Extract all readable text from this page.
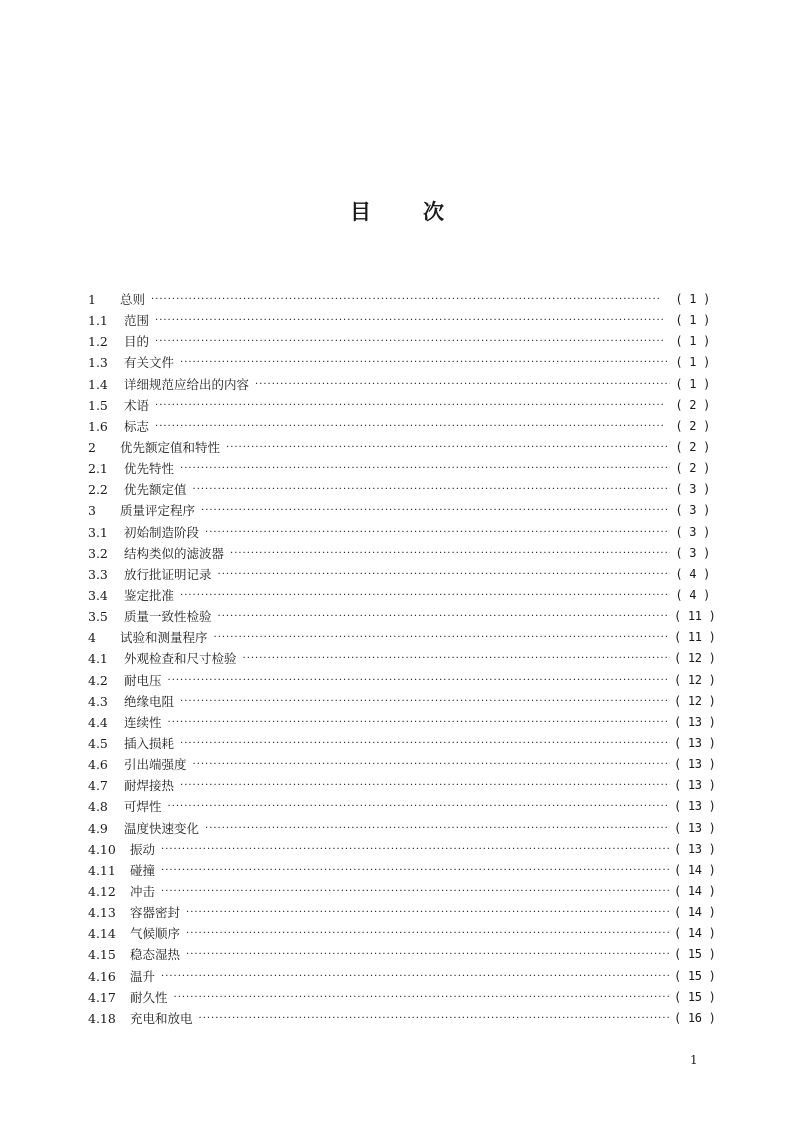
目 次
1	总则 ·····	( 1 )
1.1	范围 ·····	( 1 )
1.2	目的 ·····	( 1 )
1.3	有关文件 ·····	( 1 )
1.4	详细规范应给出的内容 ·····	( 1 )
1.5	术语 ·····	( 2 )
1.6	标志 ·····	( 2 )
2	优先额定值和特性 ·····	( 2 )
2.1	优先特性 ·····	( 2 )
2.2	优先额定值 ·····	( 3 )
3	质量评定程序 ·····	( 3 )
3.1	初始制造阶段 ·····	( 3 )
3.2	结构类似的滤波器 ·····	( 3 )
3.3	放行批证明记录 ·····	( 4 )
3.4	鉴定批准 ·····	( 4 )
3.5	质量一致性检验 ·····	( 11 )
4	试验和测量程序 ·····	( 11 )
4.1	外观检查和尺寸检验 ·····	( 12 )
4.2	耐电压 ·····	( 12 )
4.3	绝缘电阻 ·····	( 12 )
4.4	连续性 ·····	( 13 )
4.5	插入损耗 ·····	( 13 )
4.6	引出端强度 ·····	( 13 )
4.7	耐焊接热 ·····	( 13 )
4.8	可焊性 ·····	( 13 )
4.9	温度快速变化 ·····	( 13 )
4.10	振动 ·····	( 13 )
4.11	碰撞 ·····	( 14 )
4.12	冲击 ·····	( 14 )
4.13	容器密封 ·····	( 14 )
4.14	气候顺序 ·····	( 14 )
4.15	稳态湿热 ·····	( 15 )
4.16	温升 ·····	( 15 )
4.17	耐久性 ·····	( 15 )
4.18	充电和放电 ·····	( 16 )
1
